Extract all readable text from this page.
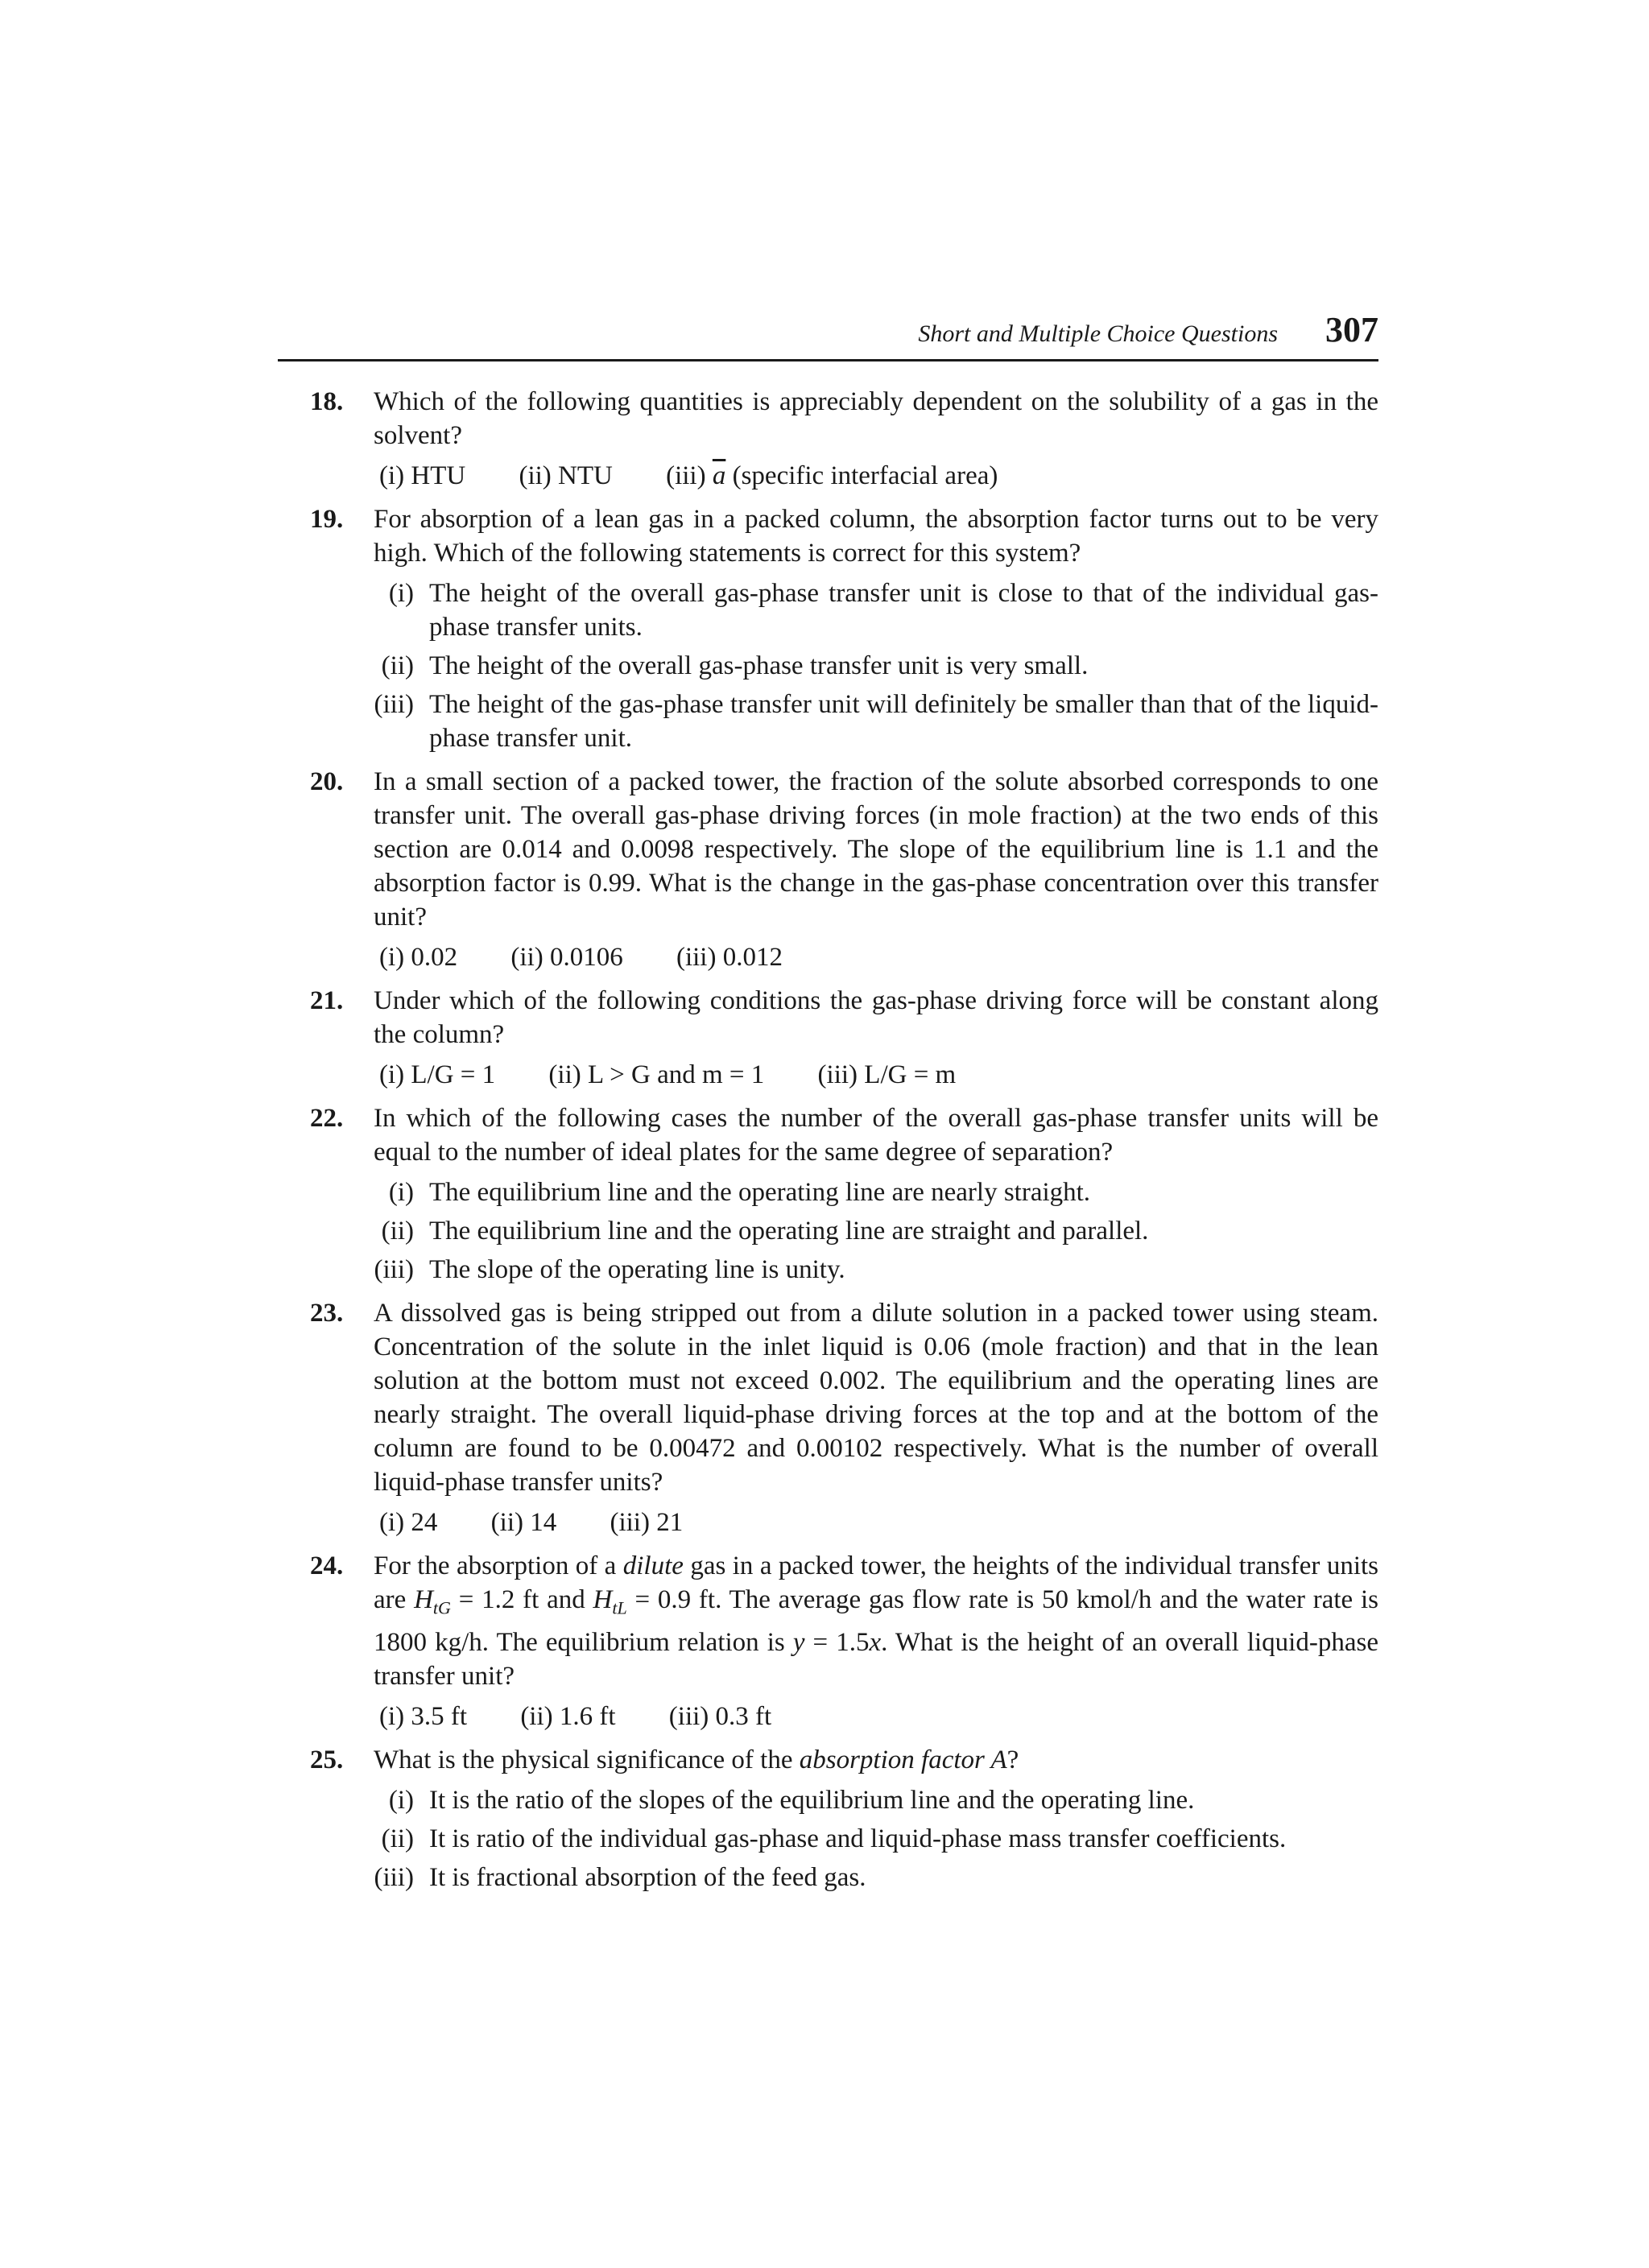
Short and Multiple Choice Questions 307
18. Which of the following quantities is appreciably dependent on the solubility of a gas in the solvent?
(i) HTU (ii) NTU (iii) $\overline{a}$ (specific interfacial area)
19. For absorption of a lean gas in a packed column, the absorption factor turns out to be very high. Which of the following statements is correct for this system?
(i) The height of the overall gas-phase transfer unit is close to that of the individual gas-phase transfer units.
(ii) The height of the overall gas-phase transfer unit is very small.
(iii) The height of the gas-phase transfer unit will definitely be smaller than that of the liquid-phase transfer unit.
20. In a small section of a packed tower, the fraction of the solute absorbed corresponds to one transfer unit. The overall gas-phase driving forces (in mole fraction) at the two ends of this section are 0.014 and 0.0098 respectively. The slope of the equilibrium line is 1.1 and the absorption factor is 0.99. What is the change in the gas-phase concentration over this transfer unit?
(i) 0.02 (ii) 0.0106 (iii) 0.012
21. Under which of the following conditions the gas-phase driving force will be constant along the column?
(i) L/G = 1 (ii) L > G and m = 1 (iii) L/G = m
22. In which of the following cases the number of the overall gas-phase transfer units will be equal to the number of ideal plates for the same degree of separation?
(i) The equilibrium line and the operating line are nearly straight.
(ii) The equilibrium line and the operating line are straight and parallel.
(iii) The slope of the operating line is unity.
23. A dissolved gas is being stripped out from a dilute solution in a packed tower using steam. Concentration of the solute in the inlet liquid is 0.06 (mole fraction) and that in the lean solution at the bottom must not exceed 0.002. The equilibrium and the operating lines are nearly straight. The overall liquid-phase driving forces at the top and at the bottom of the column are found to be 0.00472 and 0.00102 respectively. What is the number of overall liquid-phase transfer units?
(i) 24 (ii) 14 (iii) 21
24. For the absorption of a dilute gas in a packed tower, the heights of the individual transfer units are $H_{tG} = 1.2$ ft and $H_{tL} = 0.9$ ft. The average gas flow rate is 50 kmol/h and the water rate is 1800 kg/h. The equilibrium relation is y = 1.5x. What is the height of an overall liquid-phase transfer unit?
(i) 3.5 ft (ii) 1.6 ft (iii) 0.3 ft
25. What is the physical significance of the absorption factor A?
(i) It is the ratio of the slopes of the equilibrium line and the operating line.
(ii) It is ratio of the individual gas-phase and liquid-phase mass transfer coefficients.
(iii) It is fractional absorption of the feed gas.
